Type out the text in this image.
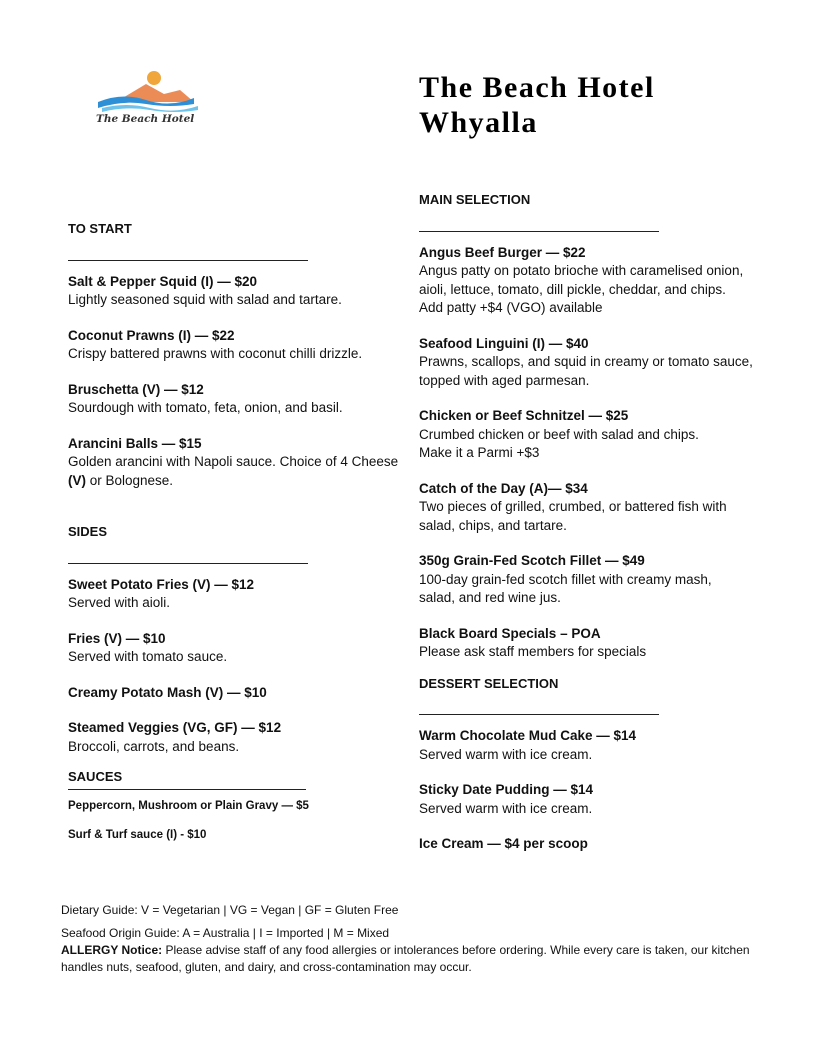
The Beach Hotel
The Beach Hotel
Whyalla
TO START
Salt & Pepper Squid (I) — $20
Lightly seasoned squid with salad and tartare.
Coconut Prawns (I) — $22
Crispy battered prawns with coconut chilli drizzle.
Bruschetta (V) — $12
Sourdough with tomato, feta, onion, and basil.
Arancini Balls — $15
Golden arancini with Napoli sauce. Choice of 4 Cheese (V) or Bolognese.
SIDES
Sweet Potato Fries (V) — $12
Served with aioli.
Fries (V) — $10
Served with tomato sauce.
Creamy Potato Mash (V) — $10
Steamed Veggies (VG, GF) — $12
Broccoli, carrots, and beans.
SAUCES
Peppercorn, Mushroom or Plain Gravy — $5
Surf & Turf sauce (I) - $10
MAIN SELECTION
Angus Beef Burger — $22
Angus patty on potato brioche with caramelised onion,
aioli, lettuce, tomato, dill pickle, cheddar, and chips.
Add patty +$4 (VGO) available
Seafood Linguini (I) — $40
Prawns, scallops, and squid in creamy or tomato sauce,
topped with aged parmesan.
Chicken or Beef Schnitzel — $25
Crumbed chicken or beef with salad and chips.
Make it a Parmi +$3
Catch of the Day (A)— $34
Two pieces of grilled, crumbed, or battered fish with
salad, chips, and tartare.
350g Grain-Fed Scotch Fillet — $49
100-day grain-fed scotch fillet with creamy mash,
salad, and red wine jus.
Black Board Specials – POA
Please ask staff members for specials
DESSERT SELECTION
Warm Chocolate Mud Cake — $14
Served warm with ice cream.
Sticky Date Pudding — $14
Served warm with ice cream.
Ice Cream — $4 per scoop

Dietary Guide: V = Vegetarian | VG = Vegan | GF = Gluten Free

Seafood Origin Guide: A = Australia | I = Imported | M = Mixed

ALLERGY Notice: Please advise staff of any food allergies or intolerances before ordering. While every care is taken, our kitchen handles nuts, seafood, gluten, and dairy, and cross-contamination may occur.
